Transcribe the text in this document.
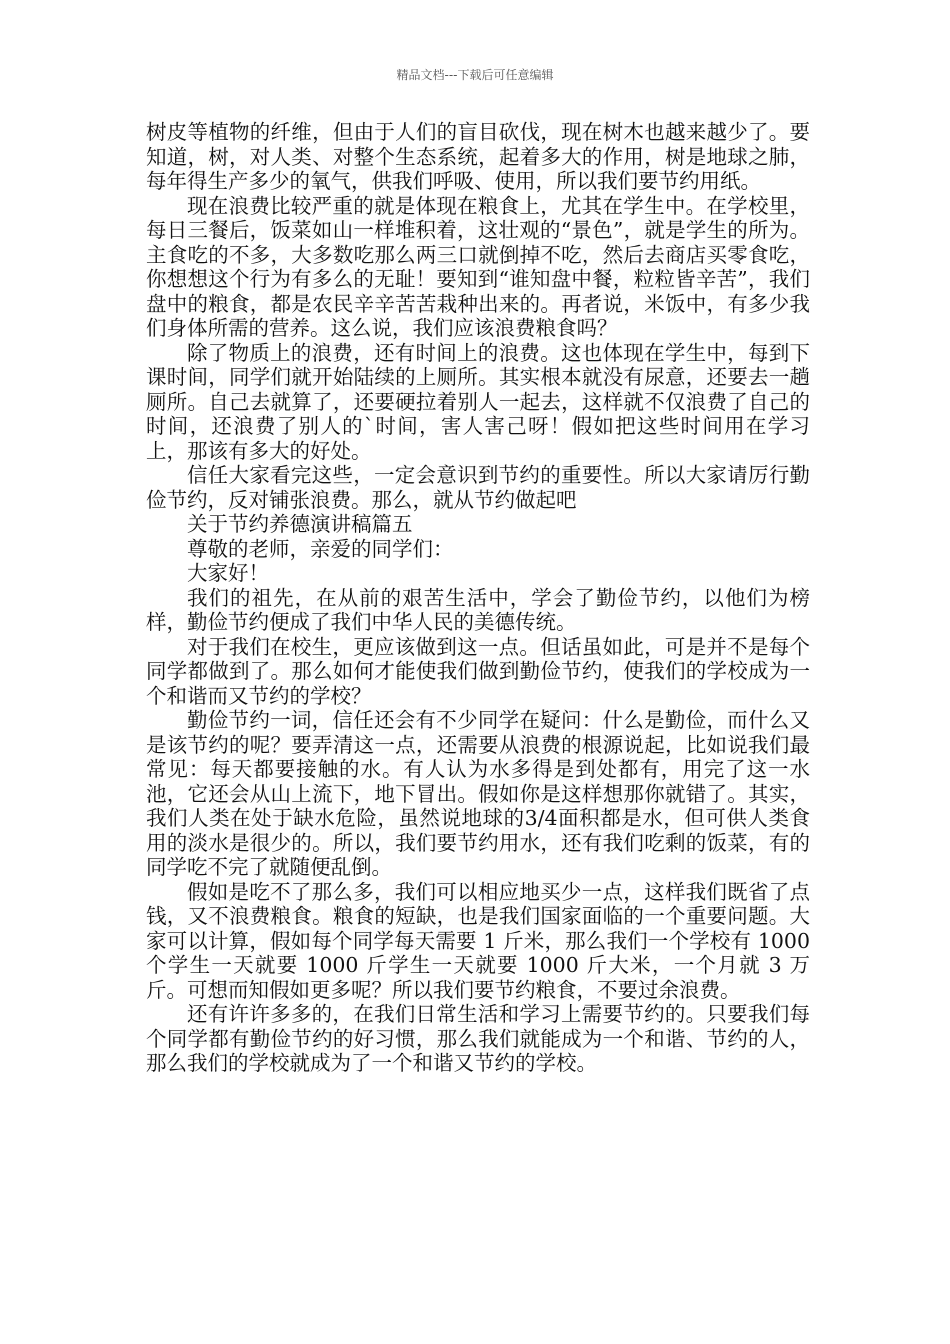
精品文档---下载后可任意编辑

树皮等植物的纤维，但由于人们的盲目砍伐，现在树木也越来越少了。要知道，树，对人类、对整个生态系统，起着多大的作用，树是地球之肺，每年得生产多少的氧气，供我们呼吸、使用，所以我们要节约用纸。

现在浪费比较严重的就是体现在粮食上，尤其在学生中。在学校里，每日三餐后，饭菜如山一样堆积着，这壮观的“景色”，就是学生的所为。主食吃的不多，大多数吃那么两三口就倒掉不吃，然后去商店买零食吃，你想想这个行为有多么的无耻！要知到“谁知盘中餐，粒粒皆辛苦”，我们盘中的粮食，都是农民辛辛苦苦栽种出来的。再者说，米饭中，有多少我们身体所需的营养。这么说，我们应该浪费粮食吗？

除了物质上的浪费，还有时间上的浪费。这也体现在学生中，每到下课时间，同学们就开始陆续的上厕所。其实根本就没有尿意，还要去一趟厕所。自己去就算了，还要硬拉着别人一起去，这样就不仅浪费了自己的时间，还浪费了别人的`时间，害人害己呀！假如把这些时间用在学习上，那该有多大的好处。

信任大家看完这些，一定会意识到节约的重要性。所以大家请厉行勤俭节约，反对铺张浪费。那么，就从节约做起吧

关于节约养德演讲稿篇五

尊敬的老师，亲爱的同学们：

大家好！

我们的祖先，在从前的艰苦生活中，学会了勤俭节约，以他们为榜样，勤俭节约便成了我们中华人民的美德传统。

对于我们在校生，更应该做到这一点。但话虽如此，可是并不是每个同学都做到了。那么如何才能使我们做到勤俭节约，使我们的学校成为一个和谐而又节约的学校？

勤俭节约一词，信任还会有不少同学在疑问：什么是勤俭，而什么又是该节约的呢？要弄清这一点，还需要从浪费的根源说起，比如说我们最常见：每天都要接触的水。有人认为水多得是到处都有，用完了这一水池，它还会从山上流下，地下冒出。假如你是这样想那你就错了。其实，我们人类在处于缺水危险，虽然说地球的3/4面积都是水，但可供人类食用的淡水是很少的。所以，我们要节约用水，还有我们吃剩的饭菜，有的同学吃不完了就随便乱倒。

假如是吃不了那么多，我们可以相应地买少一点，这样我们既省了点钱，又不浪费粮食。粮食的短缺，也是我们国家面临的一个重要问题。大家可以计算，假如每个同学每天需要 1 斤米，那么我们一个学校有 1000 个学生一天就要 1000 斤学生一天就要 1000 斤大米，一个月就 3 万斤。可想而知假如更多呢？所以我们要节约粮食，不要过余浪费。

还有许许多多的，在我们日常生活和学习上需要节约的。只要我们每个同学都有勤俭节约的好习惯，那么我们就能成为一个和谐、节约的人，那么我们的学校就成为了一个和谐又节约的学校。
